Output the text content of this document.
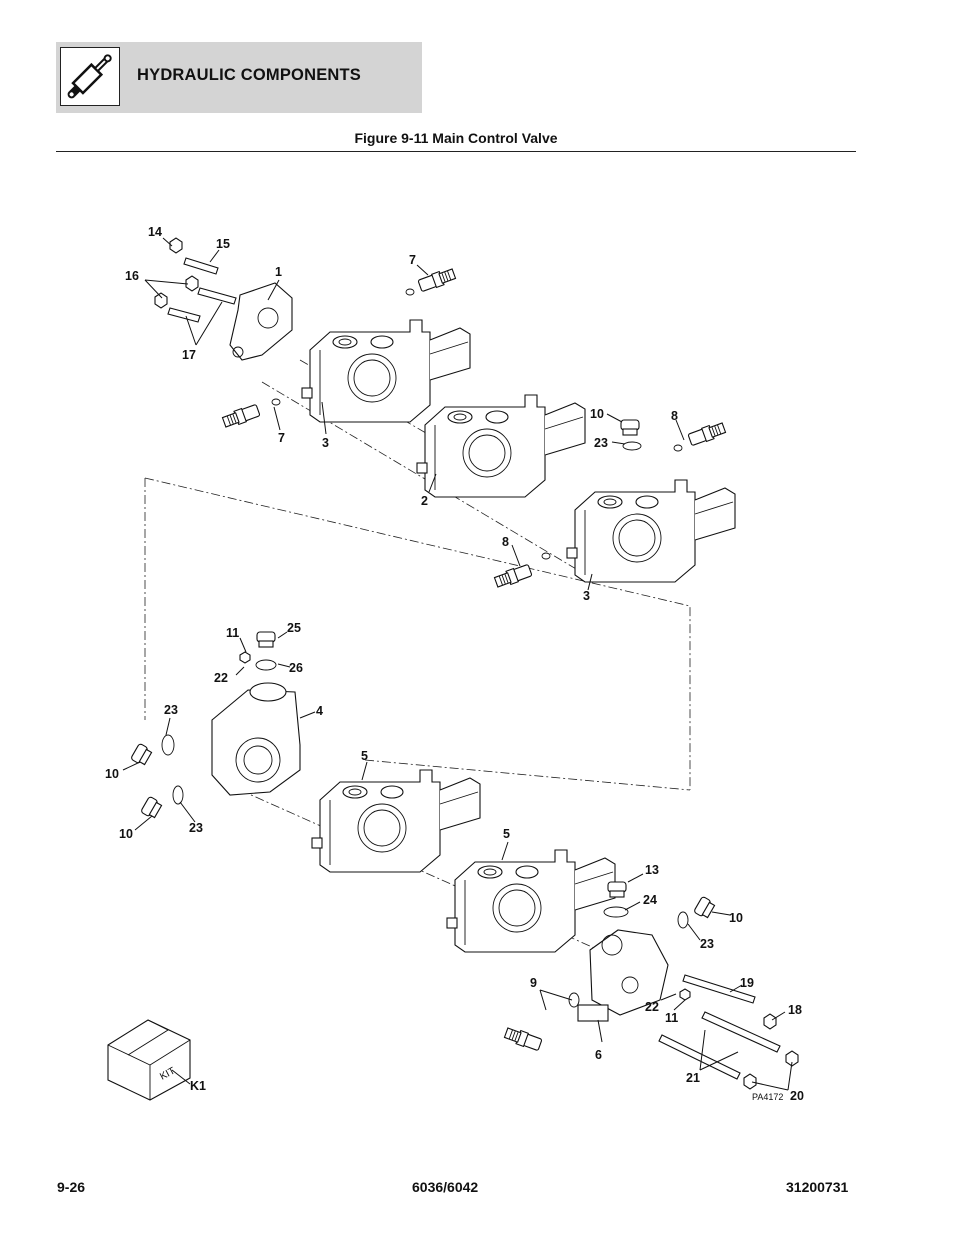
HYDRAULIC COMPONENTS
Figure 9-11 Main Control Valve
KIT
14
15
16
17
1
7
7	3
2
10	8
23
8
3
11	25
22
26
4
23
10
10	23
5
5
13
24
10
23
19
18
9
22
11
6
21
20
K1
PA4172
9-26	6036/6042	31200731
